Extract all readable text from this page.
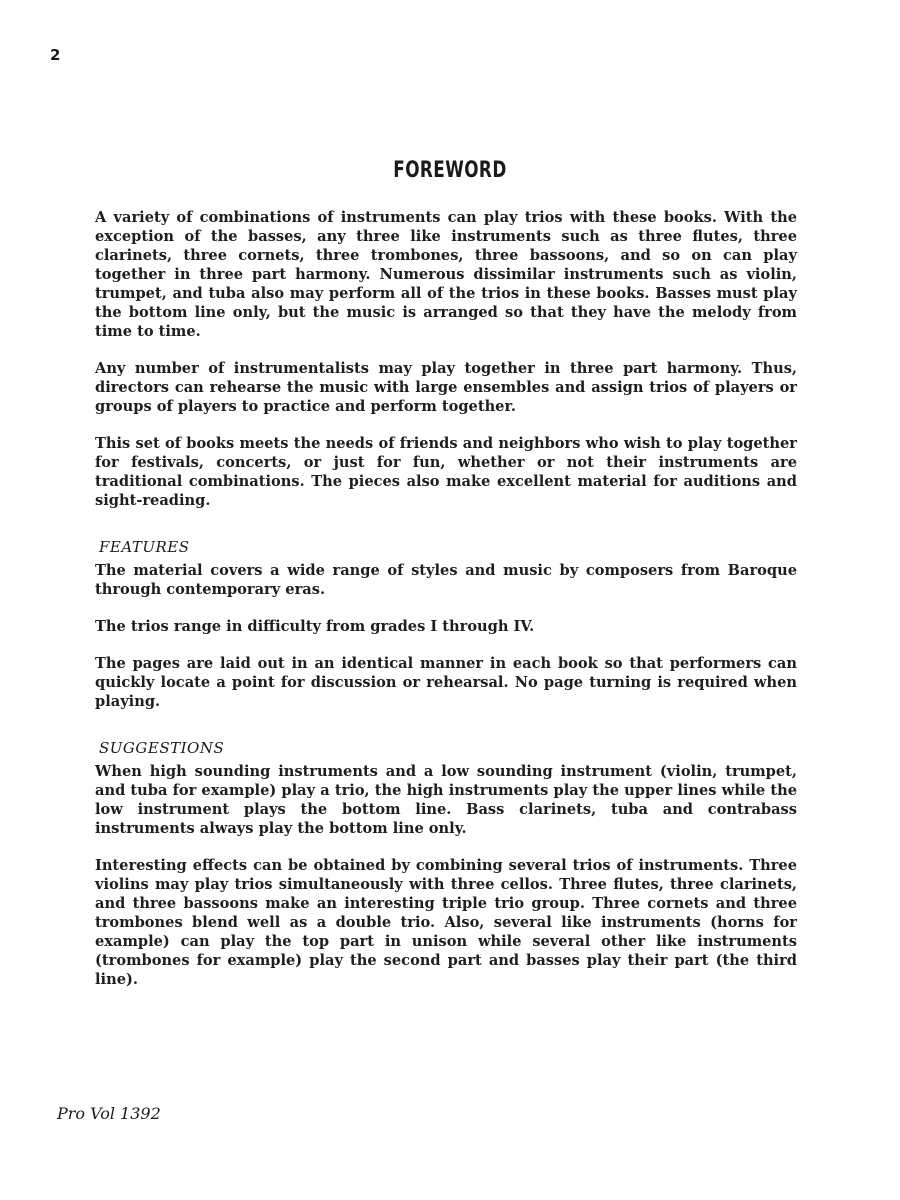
2
FOREWORD

A variety of combinations of instruments can play trios with these books. With the exception of the basses, any three like instruments such as three flutes, three clarinets, three cornets, three trombones, three bassoons, and so on can play together in three part harmony. Numerous dissimilar instruments such as violin, trumpet, and tuba also may perform all of the trios in these books. Basses must play the bottom line only, but the music is arranged so that they have the melody from time to time.

Any number of instrumentalists may play together in three part harmony. Thus, directors can rehearse the music with large ensembles and assign trios of players or groups of players to practice and perform together.

This set of books meets the needs of friends and neighbors who wish to play together for festivals, concerts, or just for fun, whether or not their instruments are traditional combinations. The pieces also make excellent material for auditions and sight-reading.

FEATURES

The material covers a wide range of styles and music by composers from Baroque through contemporary eras.

The trios range in difficulty from grades I through IV.

The pages are laid out in an identical manner in each book so that performers can quickly locate a point for discussion or rehearsal. No page turning is required when playing.

SUGGESTIONS

When high sounding instruments and a low sounding instrument (violin, trumpet, and tuba for example) play a trio, the high instruments play the upper lines while the low instrument plays the bottom line. Bass clarinets, tuba and contrabass instruments always play the bottom line only.

Interesting effects can be obtained by combining several trios of instruments. Three violins may play trios simultaneously with three cellos. Three flutes, three clarinets, and three bassoons make an interesting triple trio group. Three cornets and three trombones blend well as a double trio. Also, several like instruments (horns for example) can play the top part in unison while several other like instruments (trombones for example) play the second part and basses play their part (the third line).

Pro Vol 1392
